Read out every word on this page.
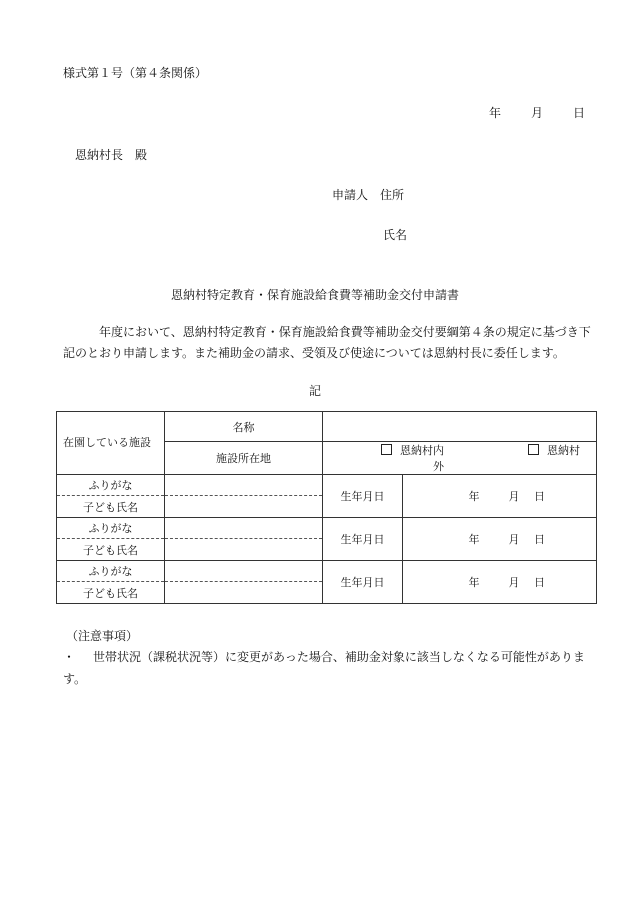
様式第１号（第４条関係）
年 月 日
恩納村長　殿
申請人　住所
氏名
恩納村特定教育・保育施設給食費等補助金交付申請書
年度において、恩納村特定教育・保育施設給食費等補助金交付要綱第４条の規定に基づき下記のとおり申請します。また補助金の請求、受領及び使途については恩納村長に委任します。
記
在園している施設	名称		
	施設所在地	恩納村内 恩納村外	
ふりがな		生年月日	年 月 日
子ども氏名			
ふりがな		生年月日	年 月 日
子ども氏名			
ふりがな		生年月日	年 月 日
子ども氏名			
（注意事項）
・ 世帯状況（課税状況等）に変更があった場合、補助金対象に該当しなくなる可能性があります。
